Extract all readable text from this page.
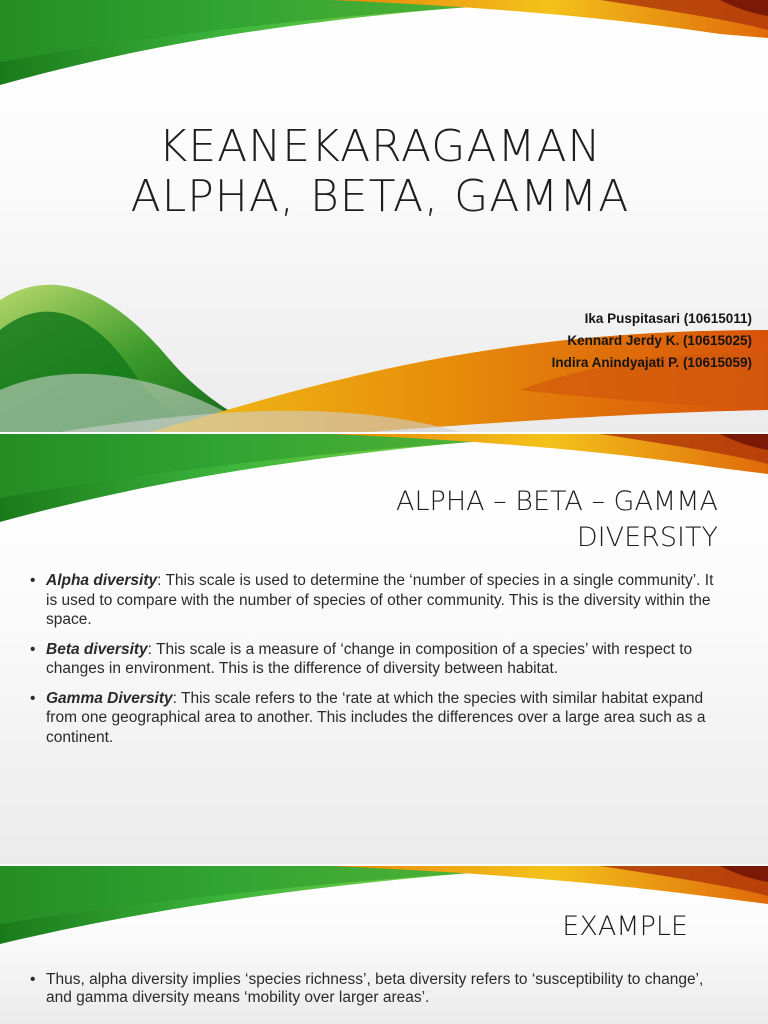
KEANEKARAGAMAN
ALPHA, BETA, GAMMA
Ika Puspitasari (10615011)
Kennard Jerdy K. (10615025)
Indira Anindyajati P. (10615059)
ALPHA – BETA – GAMMA
DIVERSITY
• Alpha diversity: This scale is used to determine the ‘number of species in a single community’. It is used to compare with the number of species of other community. This is the diversity within the space.
• Beta diversity: This scale is a measure of ‘change in composition of a species’ with respect to changes in environment. This is the difference of diversity between habitat.
• Gamma Diversity: This scale refers to the ‘rate at which the species with similar habitat expand from one geographical area to another. This includes the differences over a large area such as a continent.
EXAMPLE
• Thus, alpha diversity implies ‘species richness’, beta diversity refers to ‘susceptibility to change’, and gamma diversity means ‘mobility over larger areas’.
